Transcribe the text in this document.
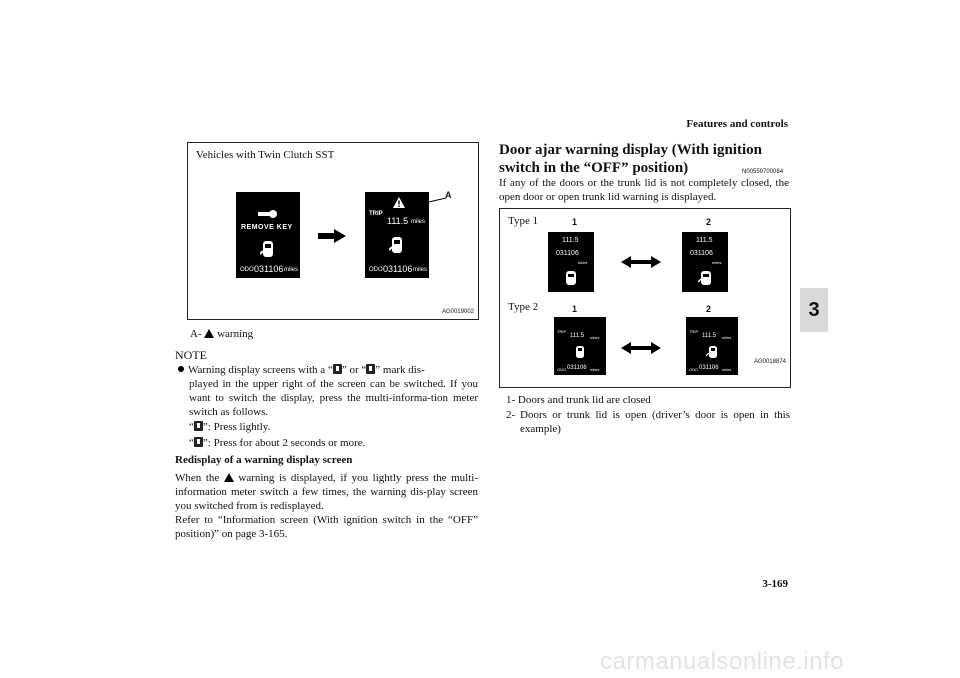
Features and controls
3-169
3
Vehicles with Twin Clutch SST
REMOVE KEY
ODO 031106 miles
TRIP
111.5 miles
ODO 031106 miles
A
AG0019002
A- warning
NOTE
Warning display screens with a “ ” or “ ” mark dis-
played in the upper right of the screen can be switched. If you want to switch the display, press the multi-informa-tion meter switch as follows.
“ ”: Press lightly.
“ ”: Press for about 2 seconds or more.
Redisplay of a warning display screen
When the warning is displayed, if you lightly press the multi-information meter switch a few times, the warning dis-play screen you switched from is redisplayed.
Refer to “Information screen (With ignition switch in the “OFF” position)” on page 3-165.
Door ajar warning display (With ignition switch in the “OFF” position)	N00559700084
If any of the doors or the trunk lid is not completely closed, the open door or open trunk lid warning is displayed.
Type 1
Type 2
1	2
1	2
111.5
031106
miles
111.5
031106
miles
TRIP
111.5 miles
ODO 031106 miles
TRIP
111.5 miles
ODO 031106 miles
AG0018874
1- Doors and trunk lid are closed
2- Doors or trunk lid is open (driver’s door is open in this example)
carmanualsonline.info
